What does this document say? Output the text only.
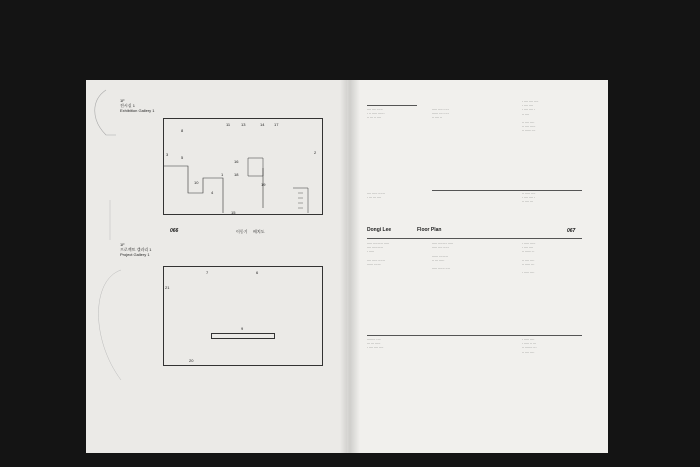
1F
전시실 1
Exhibition Gallery 1
8
11	13	14 17
2
3
5
10
16
1	18
19
4
15
066	이동기 배치도
1F
프로젝트 갤러리 1
Project Gallery 1
7	6
21
9
20
···· ···· ·····
· ·· ····· ······
·· ··· ·· ····
····· ····· ····
······ ···· ····
·· ···· ··
· ···· ···· ····
· ···· ····
· ···· ···· ·
·· ····

·· ···· ····
·· ···· ·····
·· ······ ···
···· ····· ······
· ··· ··· ····
·· ····· ····
· ···· ···· ·
·· ···· ···
Dongi Lee	Floor Plan	067
····· ········· ·····
···· ··········
· ·····

···· ····· ······
······ ······
····· ········ ·····
····· ···· ·····

······ ········
·· ··· ·····

····· ······ ····
· ····· ·····
· ···· ····
·· ······ ··

·· ···· ····
·· ····· ···

· ····· ····
········ ····
··· ··· ·····
· ···· ···· ····
· ····· ····
· ····· ·· ···
·· ······· ···
·· ···· ····
